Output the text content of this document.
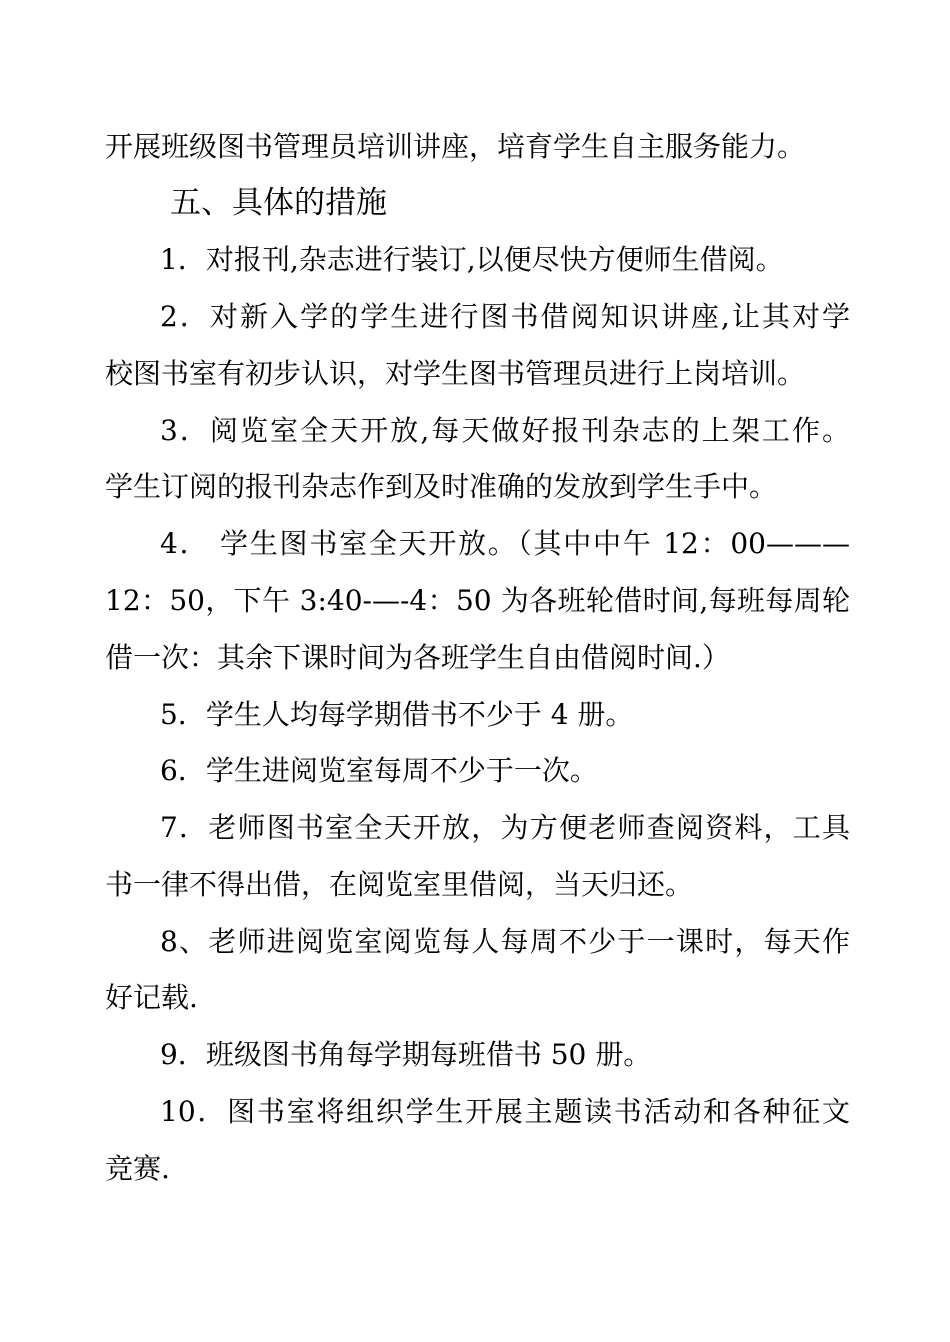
开展班级图书管理员培训讲座，培育学生自主服务能力。
五、具体的措施
1．对报刊,杂志进行装订,以便尽快方便师生借阅。
2．对新入学的学生进行图书借阅知识讲座,让其对学
校图书室有初步认识，对学生图书管理员进行上岗培训。
3．阅览室全天开放,每天做好报刊杂志的上架工作。
学生订阅的报刊杂志作到及时准确的发放到学生手中。
4． 学生图书室全天开放。（其中中午 12：00———
12：50，下午 3:40-—-4：50 为各班轮借时间,每班每周轮
借一次：其余下课时间为各班学生自由借阅时间.）
5．学生人均每学期借书不少于 4 册。
6．学生进阅览室每周不少于一次。
7．老师图书室全天开放，为方便老师查阅资料，工具
书一律不得出借，在阅览室里借阅，当天归还。
8、老师进阅览室阅览每人每周不少于一课时，每天作
好记载.
9．班级图书角每学期每班借书 50 册。
10．图书室将组织学生开展主题读书活动和各种征文
竞赛.
